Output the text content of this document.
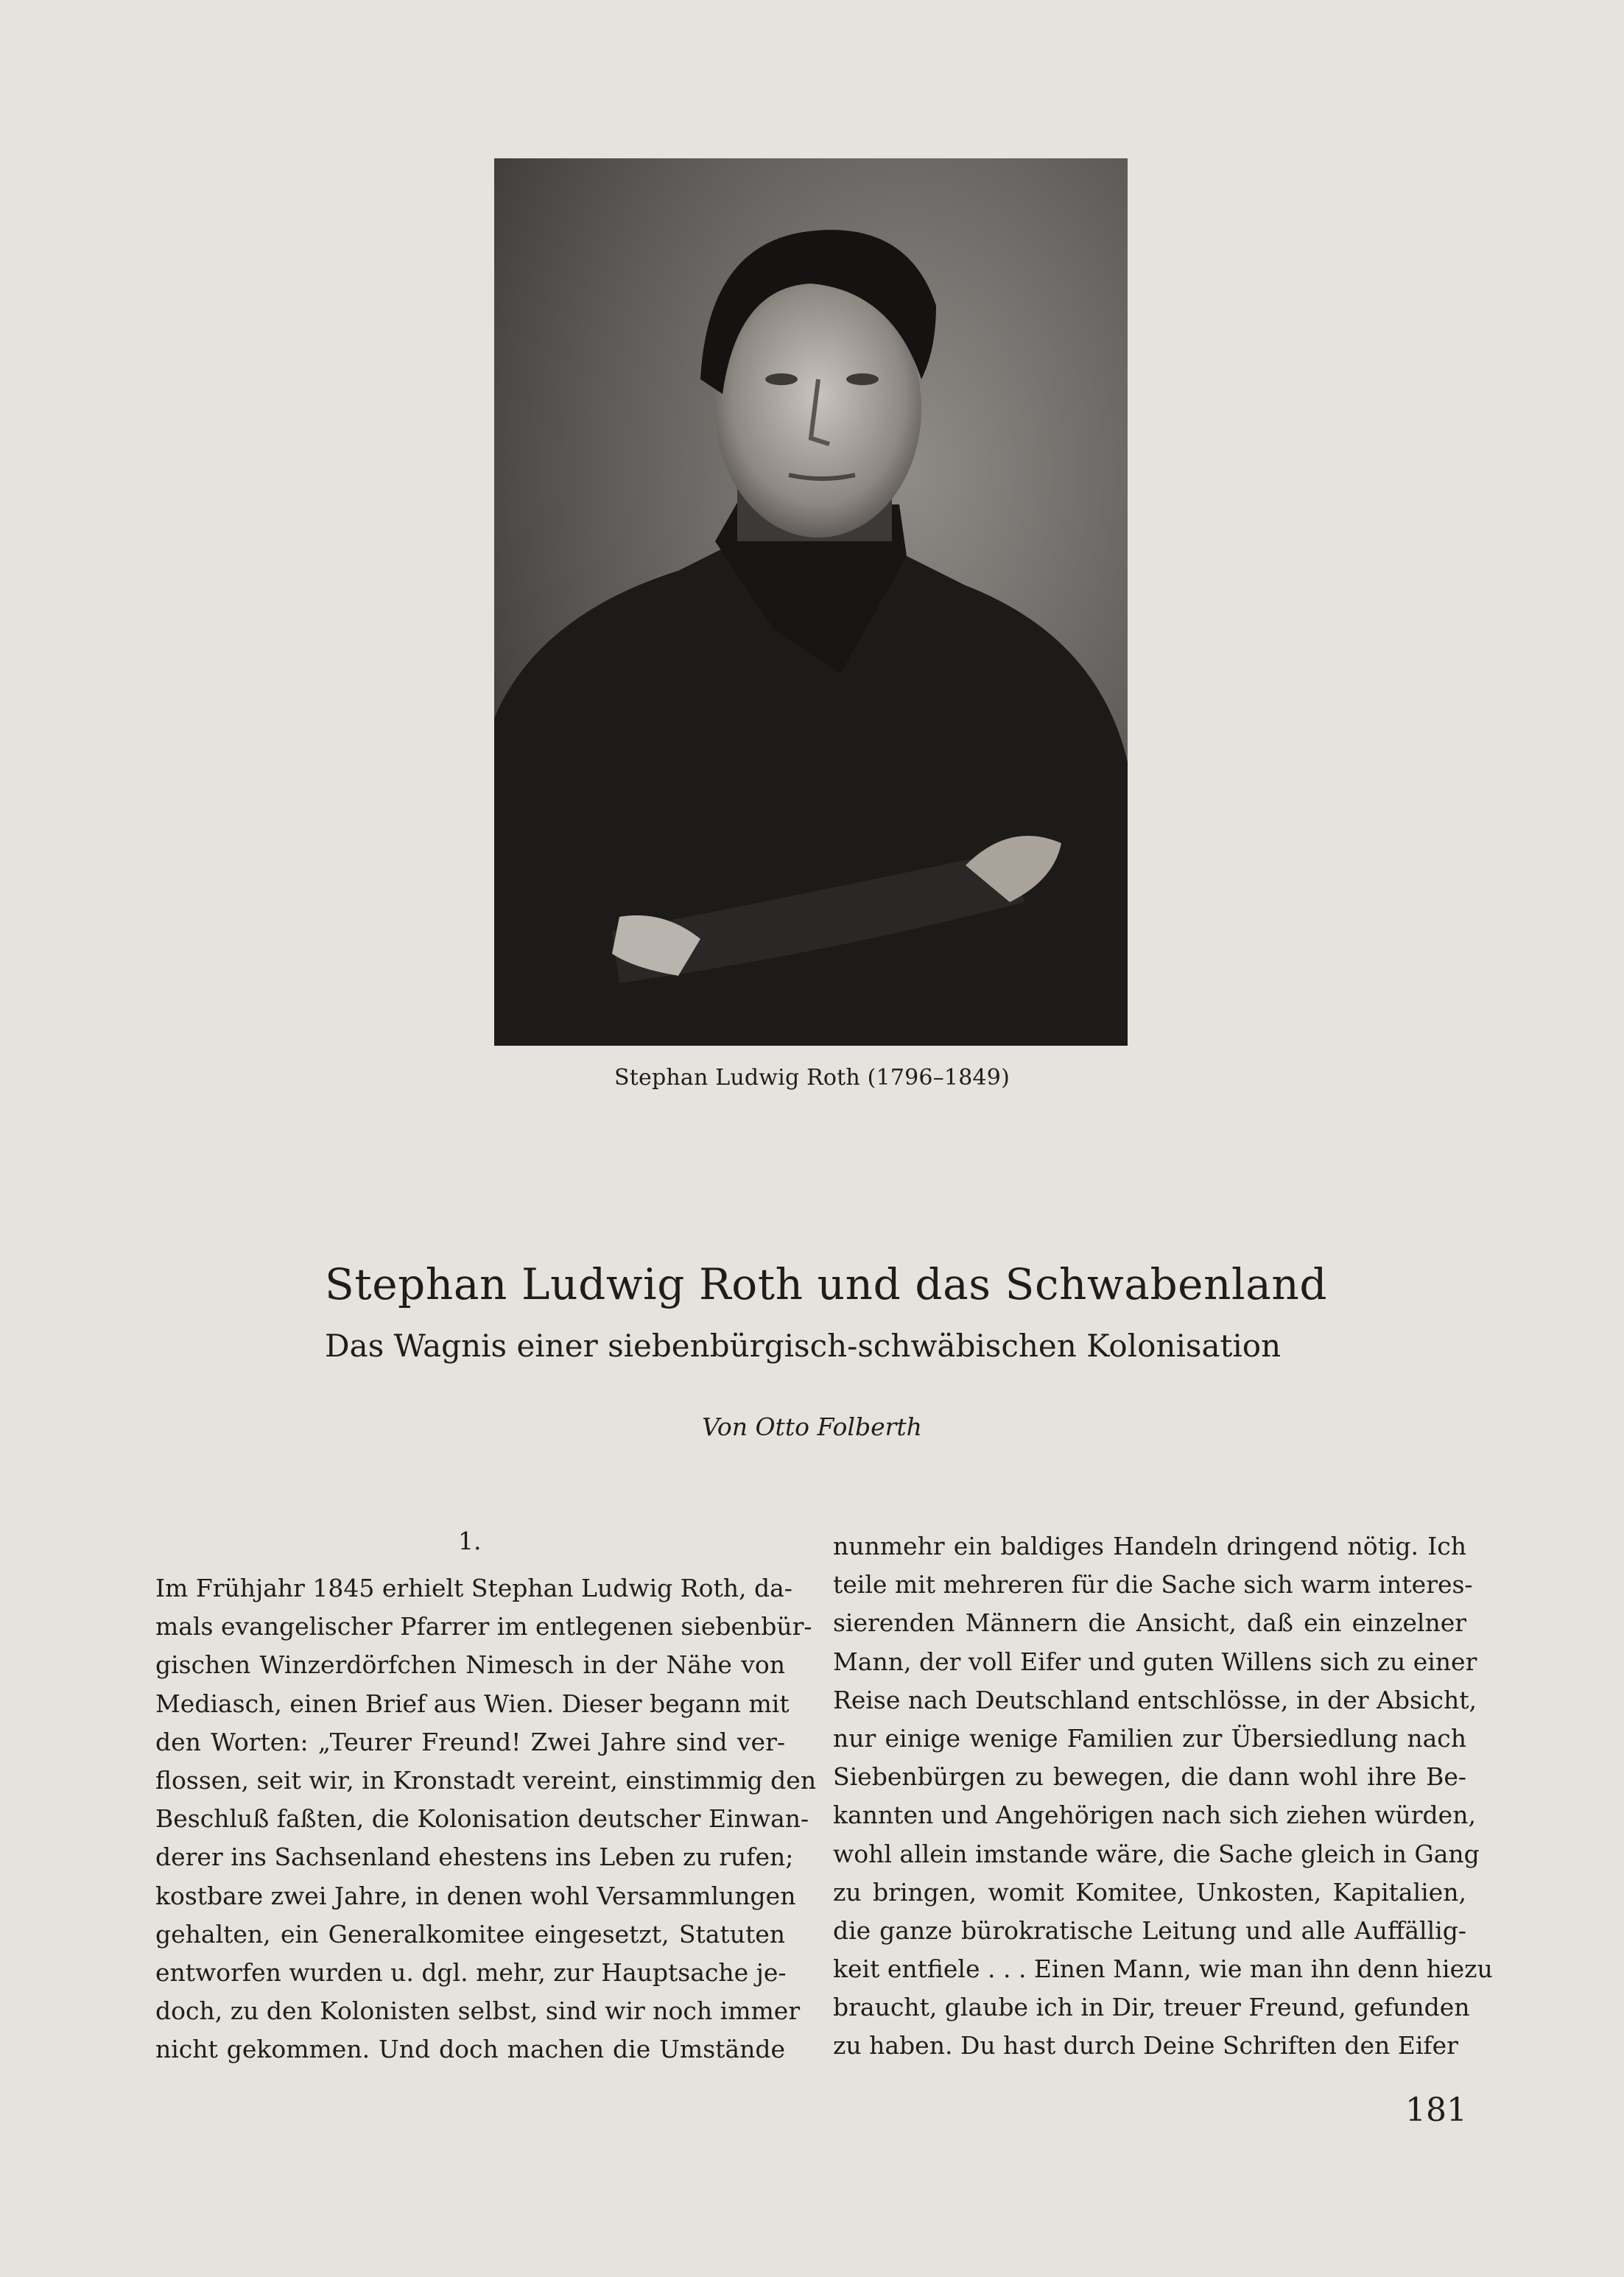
Stephan Ludwig Roth (1796–1849)
Stephan Ludwig Roth und das Schwabenland
Das Wagnis einer siebenbürgisch-schwäbischen Kolonisation
Von Otto Folberth
1.
Im Frühjahr 1845 erhielt Stephan Ludwig Roth, da-
mals evangelischer Pfarrer im entlegenen siebenbür-
gischen Winzerdörfchen Nimesch in der Nähe von
Mediasch, einen Brief aus Wien. Dieser begann mit
den Worten: „Teurer Freund! Zwei Jahre sind ver-
flossen, seit wir, in Kronstadt vereint, einstimmig den
Beschluß faßten, die Kolonisation deutscher Einwan-
derer ins Sachsenland ehestens ins Leben zu rufen;
kostbare zwei Jahre, in denen wohl Versammlungen
gehalten, ein Generalkomitee eingesetzt, Statuten
entworfen wurden u. dgl. mehr, zur Hauptsache je-
doch, zu den Kolonisten selbst, sind wir noch immer
nicht gekommen. Und doch machen die Umstände
nunmehr ein baldiges Handeln dringend nötig. Ich
teile mit mehreren für die Sache sich warm interes-
sierenden Männern die Ansicht, daß ein einzelner
Mann, der voll Eifer und guten Willens sich zu einer
Reise nach Deutschland entschlösse, in der Absicht,
nur einige wenige Familien zur Übersiedlung nach
Siebenbürgen zu bewegen, die dann wohl ihre Be-
kannten und Angehörigen nach sich ziehen würden,
wohl allein imstande wäre, die Sache gleich in Gang
zu bringen, womit Komitee, Unkosten, Kapitalien,
die ganze bürokratische Leitung und alle Auffällig-
keit entfiele . . . Einen Mann, wie man ihn denn hiezu
braucht, glaube ich in Dir, treuer Freund, gefunden
zu haben. Du hast durch Deine Schriften den Eifer
181
